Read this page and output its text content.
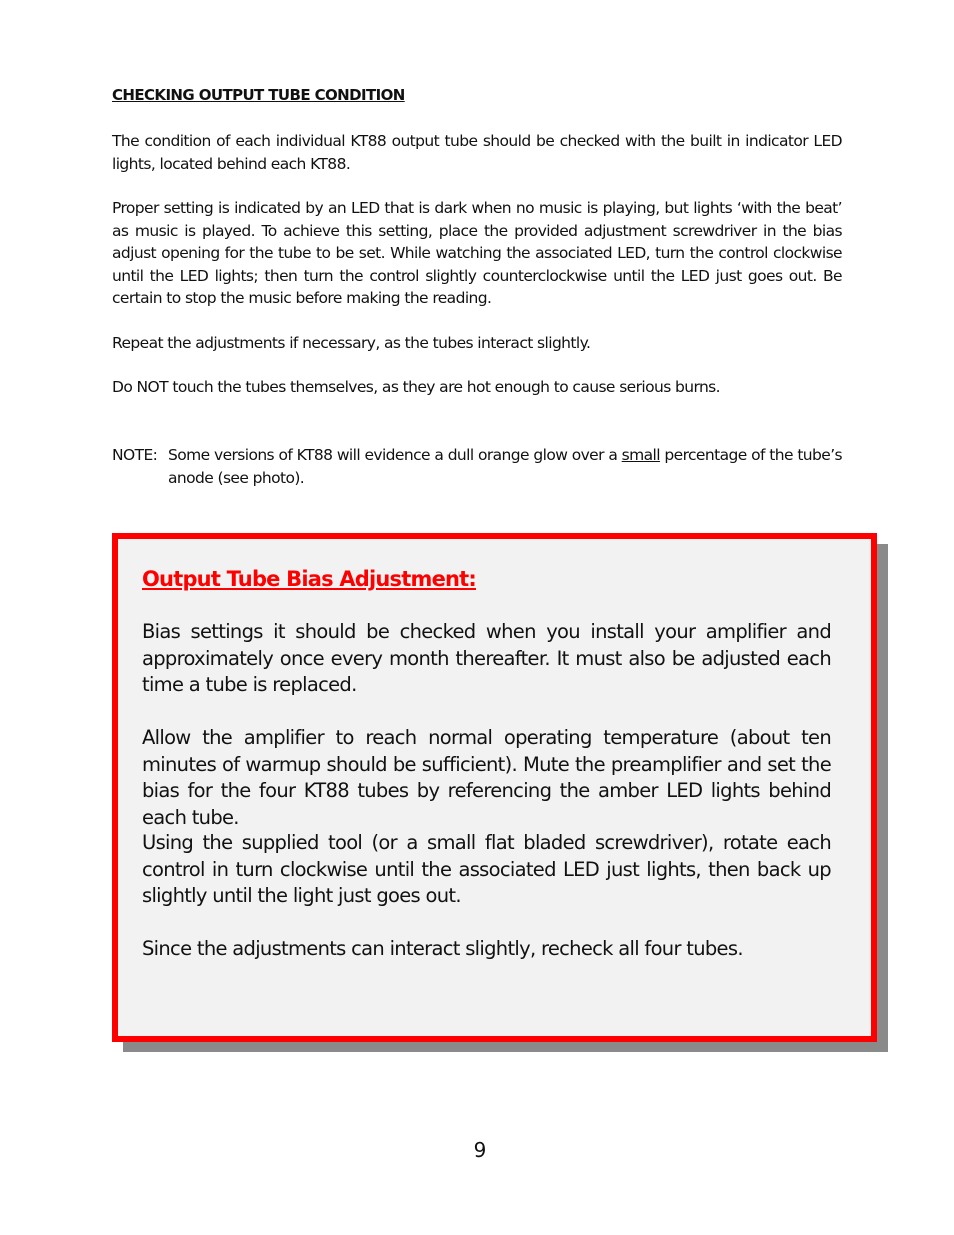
CHECKING OUTPUT TUBE CONDITION

The condition of each individual KT88 output tube should be checked with the built in indicator LED lights, located behind each KT88.

Proper setting is indicated by an LED that is dark when no music is playing, but lights ‘with the beat’ as music is played. To achieve this setting, place the provided adjustment screwdriver in the bias adjust opening for the tube to be set. While watching the associated LED, turn the control clockwise until the LED lights; then turn the control slightly counterclockwise until the LED just goes out. Be certain to stop the music before making the reading.

Repeat the adjustments if necessary, as the tubes interact slightly.

Do NOT touch the tubes themselves, as they are hot enough to cause serious burns.

NOTE: Some versions of KT88 will evidence a dull orange glow over a small percentage of the tube’s anode (see photo).
Output Tube Bias Adjustment:

Bias settings it should be checked when you install your amplifier and approximately once every month thereafter. It must also be adjusted each time a tube is replaced.

Allow the amplifier to reach normal operating temperature (about ten minutes of warmup should be sufficient). Mute the preamplifier and set the bias for the four KT88 tubes by referencing the amber LED lights behind each tube.

Using the supplied tool (or a small flat bladed screwdriver), rotate each control in turn clockwise until the associated LED just lights, then back up slightly until the light just goes out.

Since the adjustments can interact slightly, recheck all four tubes.

9
